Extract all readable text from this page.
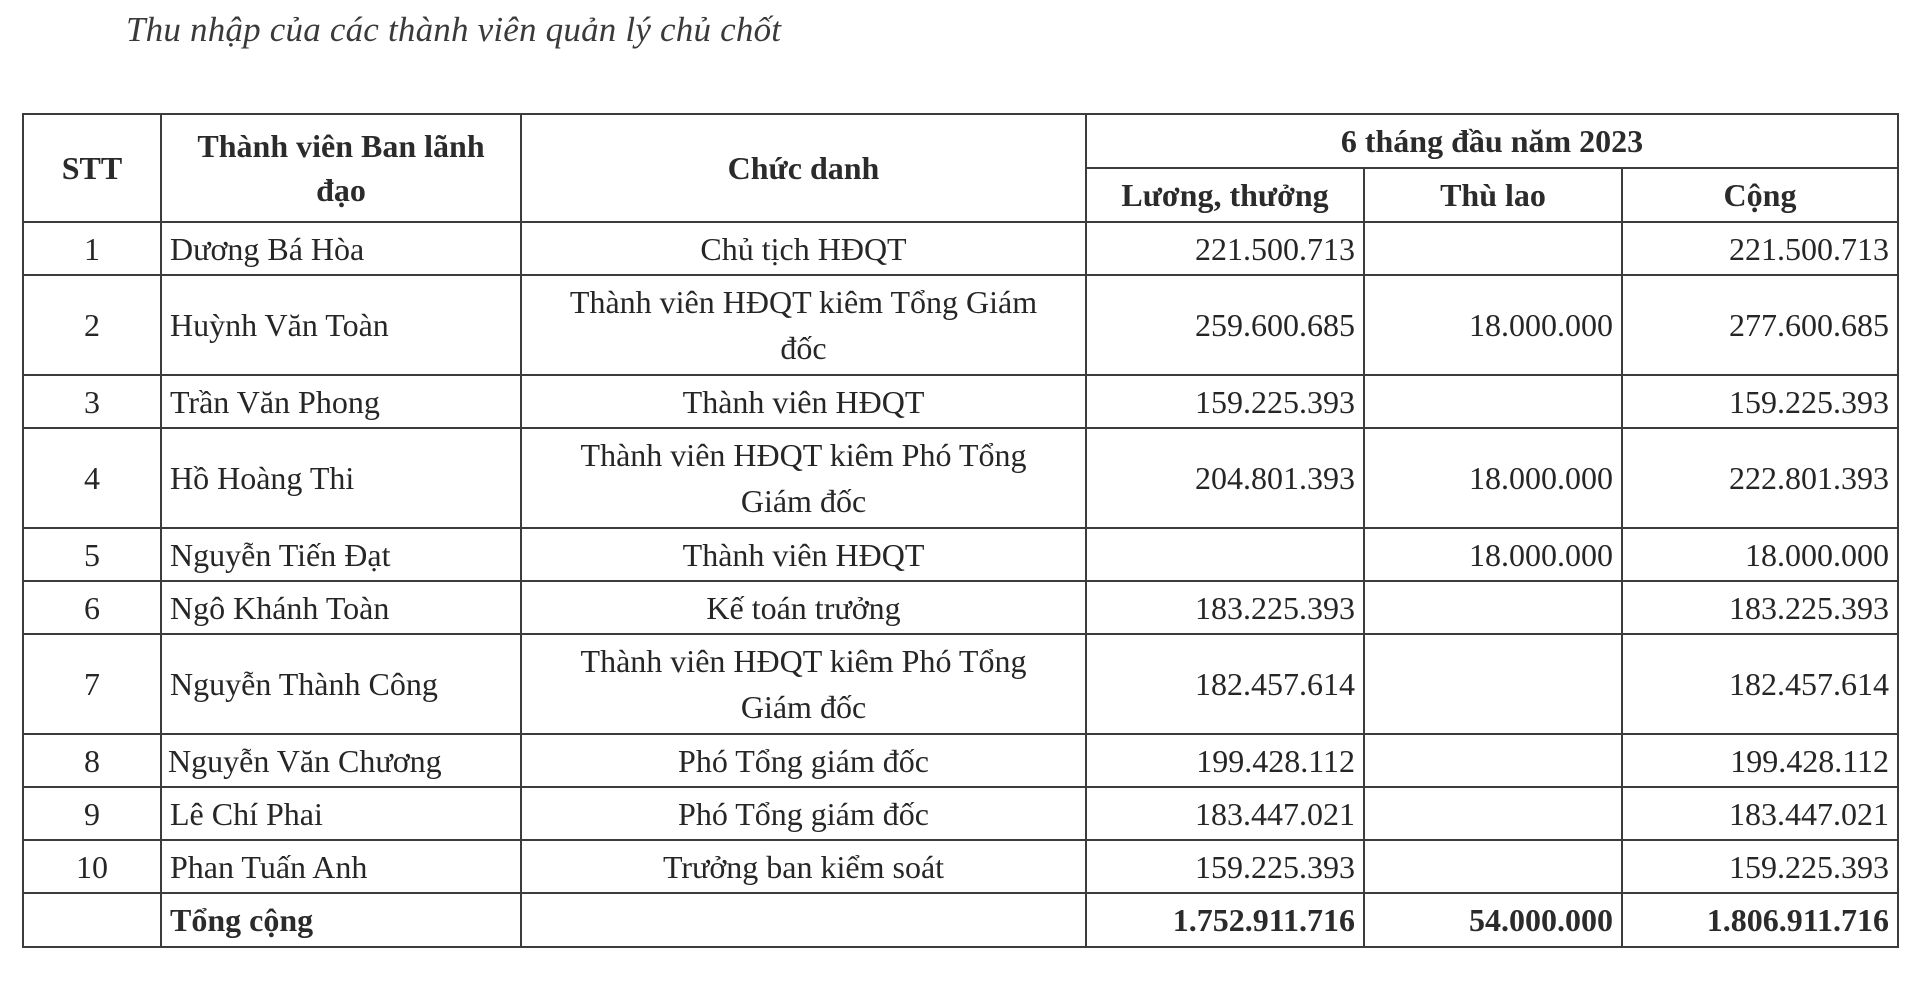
Thu nhập của các thành viên quản lý chủ chốt
STT	Thành viên Ban lãnh đạo	Chức danh	6 tháng đầu năm 2023		
			Lương, thưởng	Thù lao	Cộng
1	Dương Bá Hòa	Chủ tịch HĐQT	221.500.713		221.500.713
2	Huỳnh Văn Toàn	Thành viên HĐQT kiêm Tổng Giám đốc	259.600.685	18.000.000	277.600.685
3	Trần Văn Phong	Thành viên HĐQT	159.225.393		159.225.393
4	Hồ Hoàng Thi	Thành viên HĐQT kiêm Phó Tổng Giám đốc	204.801.393	18.000.000	222.801.393
5	Nguyễn Tiến Đạt	Thành viên HĐQT		18.000.000	18.000.000
6	Ngô Khánh Toàn	Kế toán trưởng	183.225.393		183.225.393
7	Nguyễn Thành Công	Thành viên HĐQT kiêm Phó Tổng Giám đốc	182.457.614		182.457.614
8	Nguyễn Văn Chương	Phó Tổng giám đốc	199.428.112		199.428.112
9	Lê Chí Phai	Phó Tổng giám đốc	183.447.021		183.447.021
10	Phan Tuấn Anh	Trưởng ban kiểm soát	159.225.393		159.225.393
	Tổng cộng		1.752.911.716	54.000.000	1.806.911.716
